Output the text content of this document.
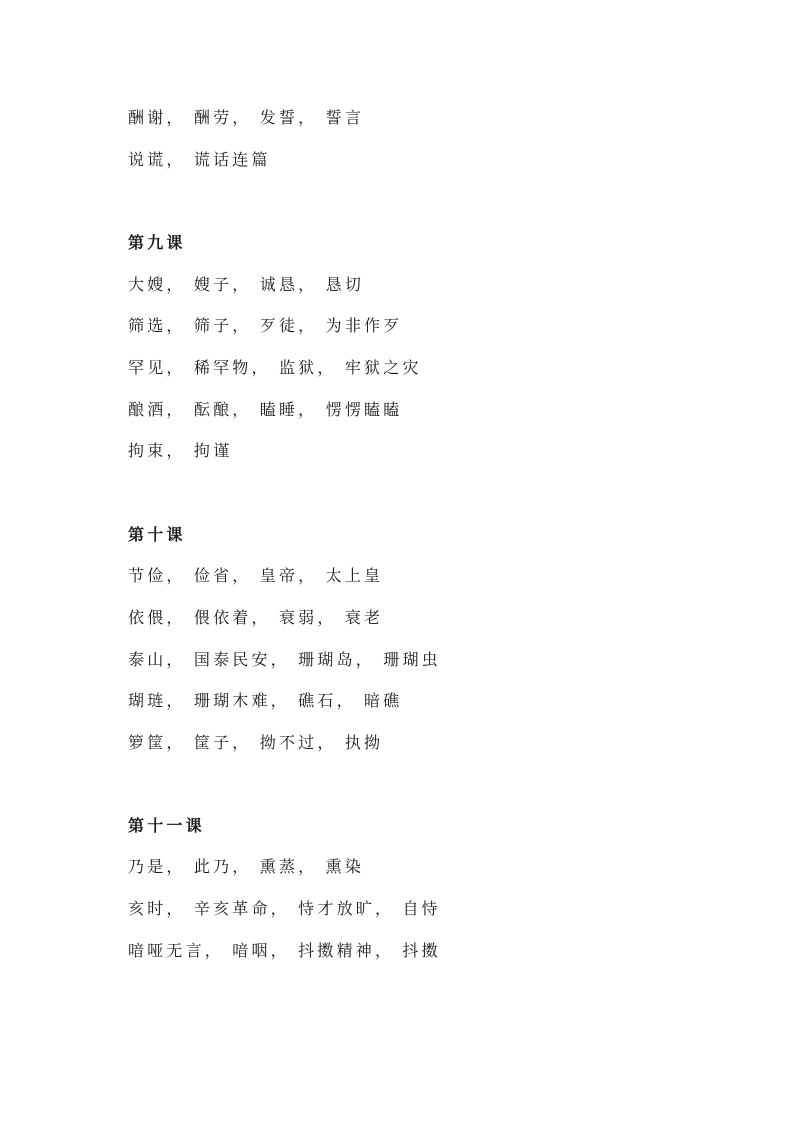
酬谢， 酬劳， 发誓， 誓言
说谎， 谎话连篇
第九课
大嫂， 嫂子， 诚恳， 恳切
筛选， 筛子， 歹徒， 为非作歹
罕见， 稀罕物， 监狱， 牢狱之灾
酿酒， 酝酿， 瞌睡， 愣愣瞌瞌
拘束， 拘谨
第十课
节俭， 俭省， 皇帝， 太上皇
依偎， 偎依着， 衰弱， 衰老
泰山， 国泰民安， 珊瑚岛， 珊瑚虫
瑚琏， 珊瑚木难， 礁石， 暗礁
箩筐， 筐子， 拗不过， 执拗
第十一课
乃是， 此乃， 熏蒸， 熏染
亥时， 辛亥革命， 恃才放旷， 自恃
喑哑无言， 喑咽， 抖擞精神， 抖擞
